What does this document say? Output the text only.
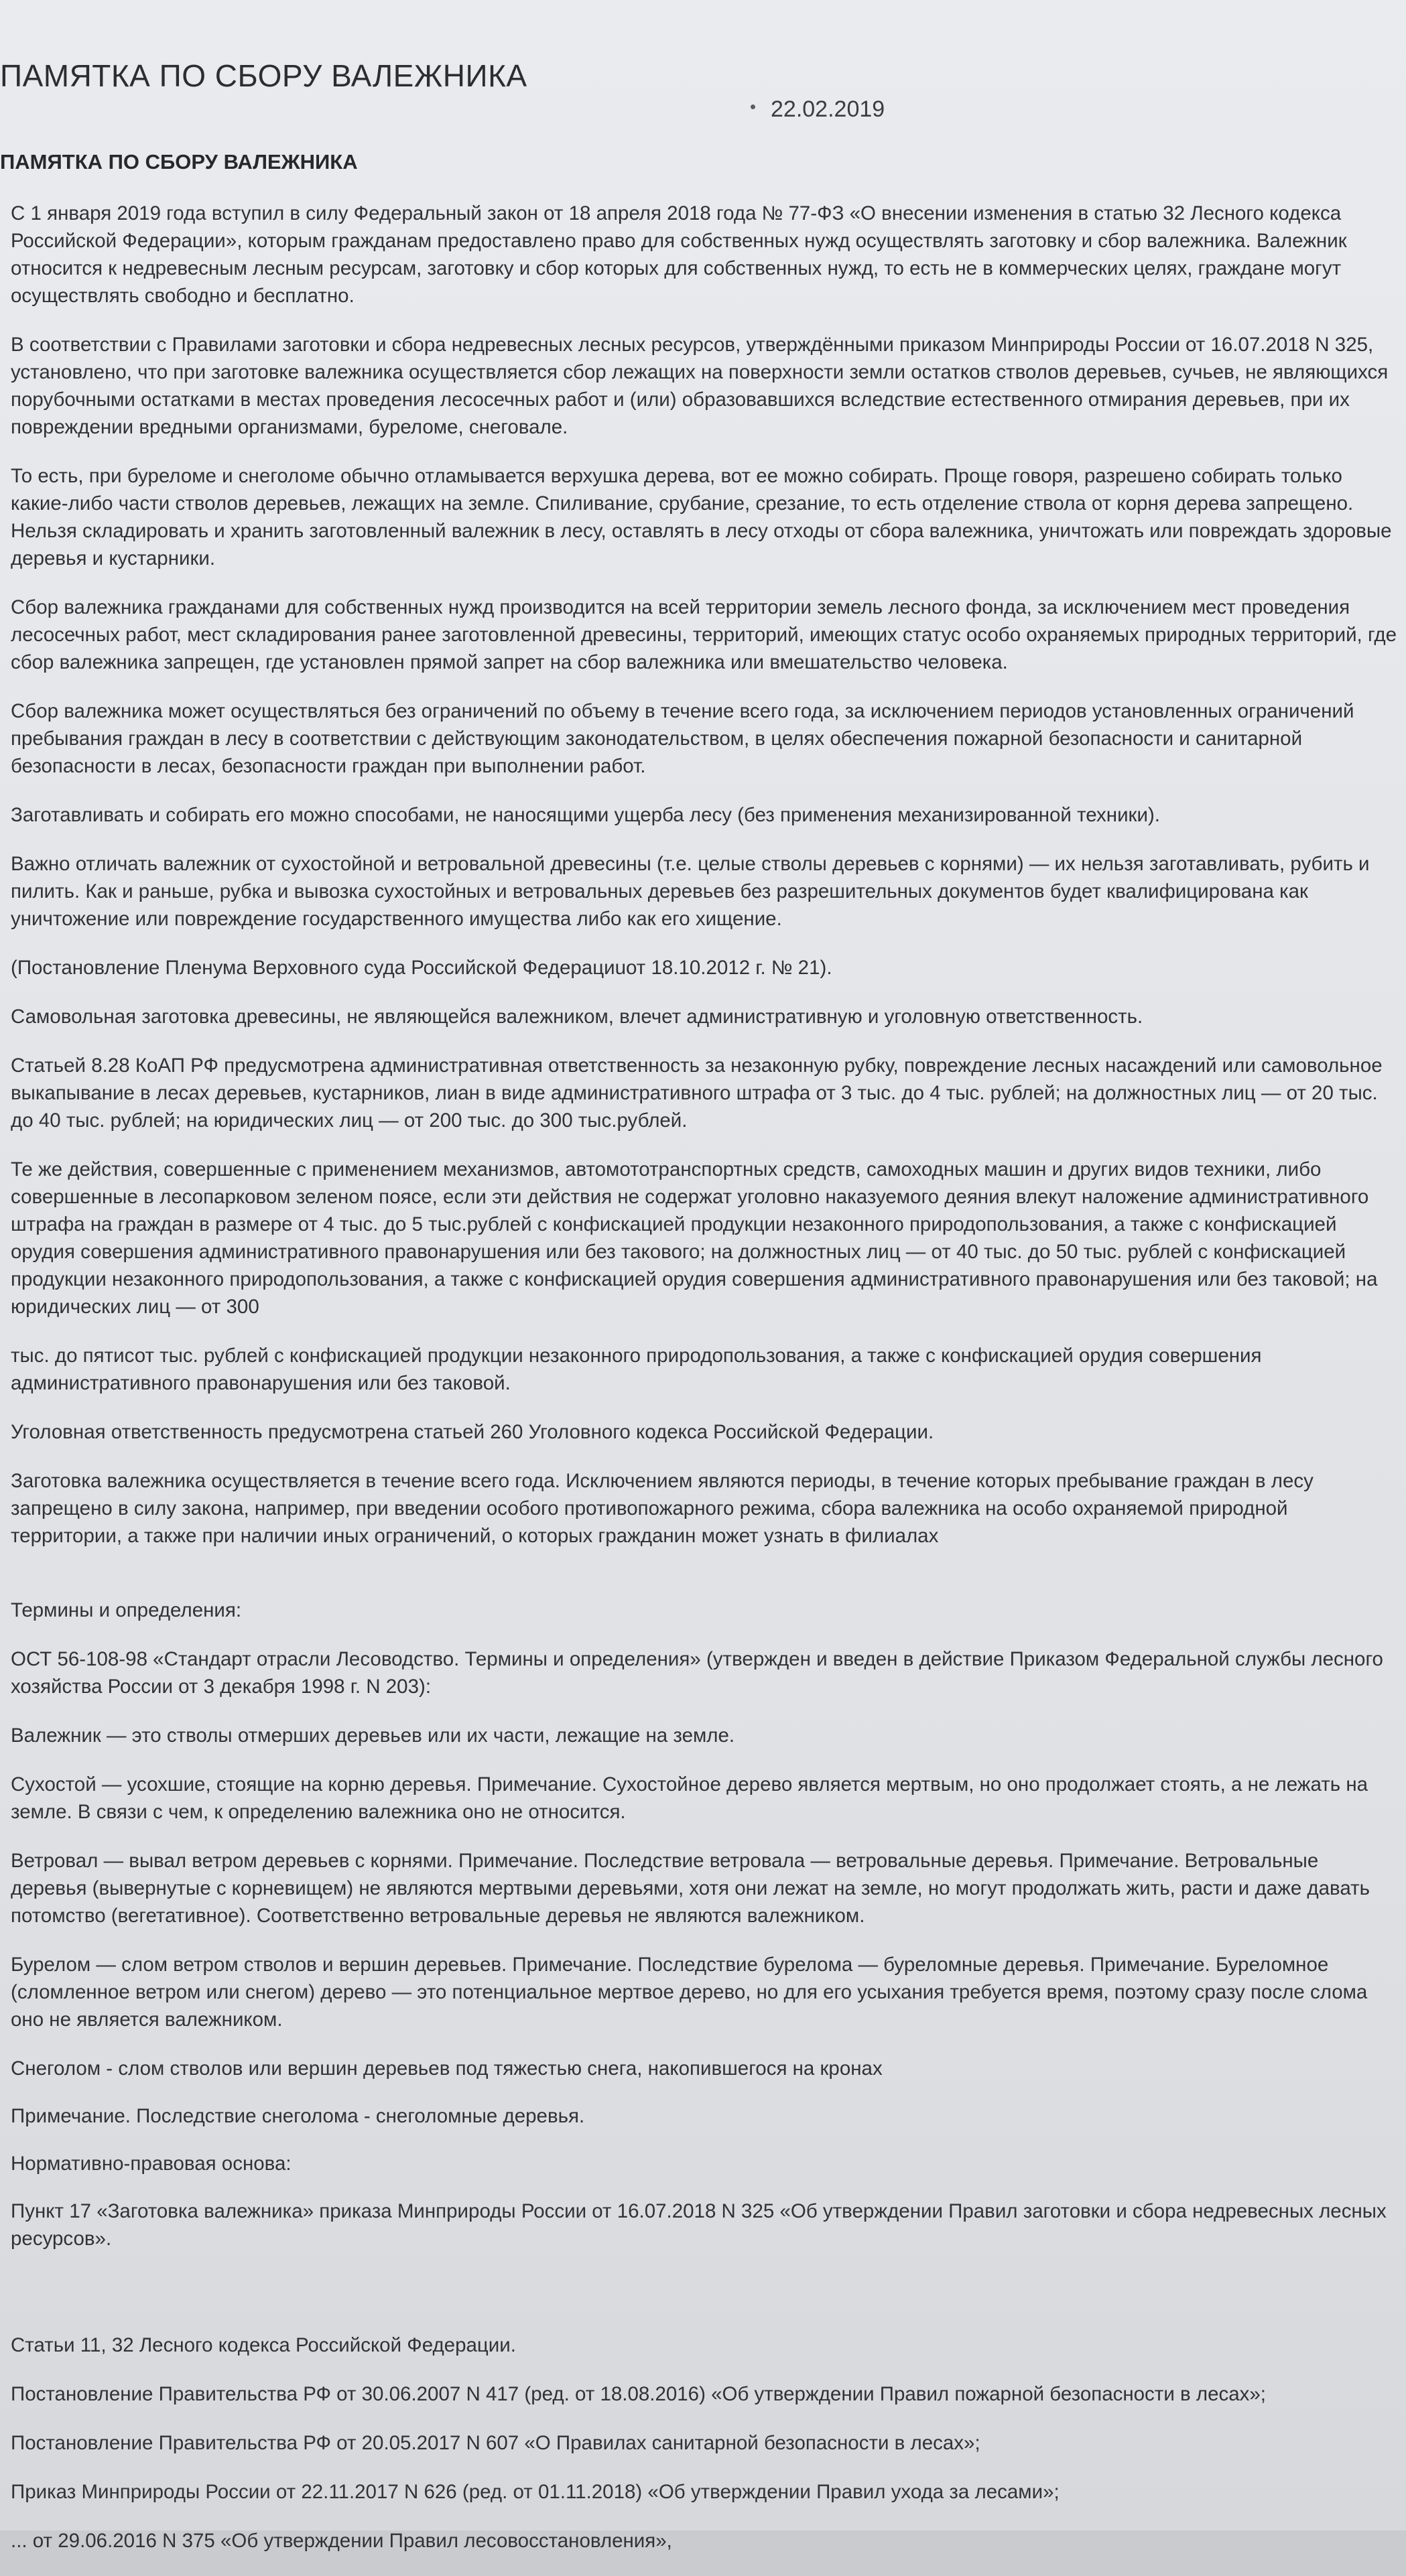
ПАМЯТКА ПО СБОРУ ВАЛЕЖНИКА
22.02.2019
ПАМЯТКА ПО СБОРУ ВАЛЕЖНИКА

С 1 января 2019 года вступил в силу Федеральный закон от 18 апреля 2018 года № 77-ФЗ «О внесении изменения в статью 32 Лесного кодекса Российской Федерации», которым гражданам предоставлено право для собственных нужд осуществлять заготовку и сбор валежника. Валежник относится к недревесным лесным ресурсам, заготовку и сбор которых для собственных нужд, то есть не в коммерческих целях, граждане могут осуществлять свободно и бесплатно.

В соответствии с Правилами заготовки и сбора недревесных лесных ресурсов, утверждёнными приказом Минприроды России от 16.07.2018 N 325, установлено, что при заготовке валежника осуществляется сбор лежащих на поверхности земли остатков стволов деревьев, сучьев, не являющихся порубочными остатками в местах проведения лесосечных работ и (или) образовавшихся вследствие естественного отмирания деревьев, при их повреждении вредными организмами, буреломе, снеговале.

То есть, при буреломе и снеголоме обычно отламывается верхушка дерева, вот ее можно собирать. Проще говоря, разрешено собирать только какие-либо части стволов деревьев, лежащих на земле. Спиливание, срубание, срезание, то есть отделение ствола от корня дерева запрещено. Нельзя складировать и хранить заготовленный валежник в лесу, оставлять в лесу отходы от сбора валежника, уничтожать или повреждать здоровые деревья и кустарники.

Сбор валежника гражданами для собственных нужд производится на всей территории земель лесного фонда, за исключением мест проведения лесосечных работ, мест складирования ранее заготовленной древесины, территорий, имеющих статус особо охраняемых природных территорий, где сбор валежника запрещен, где установлен прямой запрет на сбор валежника или вмешательство человека.

Сбор валежника может осуществляться без ограничений по объему в течение всего года, за исключением периодов установленных ограничений пребывания граждан в лесу в соответствии с действующим законодательством, в целях обеспечения пожарной безопасности и санитарной безопасности в лесах, безопасности граждан при выполнении работ.

Заготавливать и собирать его можно способами, не наносящими ущерба лесу (без применения механизированной техники).

Важно отличать валежник от сухостойной и ветровальной древесины (т.е. целые стволы деревьев с корнями) — их нельзя заготавливать, рубить и пилить. Как и раньше, рубка и вывозка сухостойных и ветровальных деревьев без разрешительных документов будет квалифицирована как уничтожение или повреждение государственного имущества либо как его хищение.

(Постановление Пленума Верховного суда Российской Федерациuот 18.10.2012 г. № 21).

Самовольная заготовка древесины, не являющейся валежником, влечет административную и уголовную ответственность.

Статьей 8.28 КоАП РФ предусмотрена административная ответственность за незаконную рубку, повреждение лесных насаждений или самовольное выкапывание в лесах деревьев, кустарников, лиан в виде административного штрафа от 3 тыс. до 4 тыс. рублей; на должностных лиц — от 20 тыс. до 40 тыс. рублей; на юридических лиц — от 200 тыс. до 300 тыс.рублей.

Те же действия, совершенные с применением механизмов, автомототранспортных средств, самоходных машин и других видов техники, либо совершенные в лесопарковом зеленом поясе, если эти действия не содержат уголовно наказуемого деяния влекут наложение административного штрафа на граждан в размере от 4 тыс. до 5 тыс.рублей с конфискацией продукции незаконного природопользования, а также с конфискацией орудия совершения административного правонарушения или без такового; на должностных лиц — от 40 тыс. до 50 тыс. рублей с конфискацией продукции незаконного природопользования, а также с конфискацией орудия совершения административного правонарушения или без таковой; на юридических лиц — от 300

тыс. до пятисот тыс. рублей с конфискацией продукции незаконного природопользования, а также с конфискацией орудия совершения административного правонарушения или без таковой.

Уголовная ответственность предусмотрена статьей 260 Уголовного кодекса Российской Федерации.

Заготовка валежника осуществляется в течение всего года. Исключением являются периоды, в течение которых пребывание граждан в лесу запрещено в силу закона, например, при введении особого противопожарного режима, сбора валежника на особо охраняемой природной территории, а также при наличии иных ограничений, о которых гражданин может узнать в филиалах

Термины и определения:

ОСТ 56-108-98 «Стандарт отрасли Лесоводство. Термины и определения» (утвержден и введен в действие Приказом Федеральной службы лесного хозяйства России от 3 декабря 1998 г. N 203):

Валежник — это стволы отмерших деревьев или их части, лежащие на земле.

Сухостой — усохшие, стоящие на корню деревья. Примечание. Сухостойное дерево является мертвым, но оно продолжает стоять, а не лежать на земле. В связи с чем, к определению валежника оно не относится.

Ветровал — вывал ветром деревьев с корнями. Примечание. Последствие ветровала — ветровальные деревья. Примечание. Ветровальные деревья (вывернутые с корневищем) не являются мертвыми деревьями, хотя они лежат на земле, но могут продолжать жить, расти и даже давать потомство (вегетативное). Соответственно ветровальные деревья не являются валежником.

Бурелом — слом ветром стволов и вершин деревьев. Примечание. Последствие бурелома — буреломные деревья. Примечание. Буреломное (сломленное ветром или снегом) дерево — это потенциальное мертвое дерево, но для его усыхания требуется время, поэтому сразу после слома оно не является валежником.

Снеголом - слом стволов или вершин деревьев под тяжестью снега, накопившегося на кронах

Примечание. Последствие снеголома - снеголомные деревья.

Нормативно-правовая основа:

Пункт 17 «Заготовка валежника» приказа Минприроды России от 16.07.2018 N 325 «Об утверждении Правил заготовки и сбора недревесных лесных ресурсов».

Статьи 11, 32 Лесного кодекса Российской Федерации.

Постановление Правительства РФ от 30.06.2007 N 417 (ред. от 18.08.2016) «Об утверждении Правил пожарной безопасности в лесах»;

Постановление Правительства РФ от 20.05.2017 N 607 «О Правилах санитарной безопасности в лесах»;

Приказ Минприроды России от 22.11.2017 N 626 (ред. от 01.11.2018) «Об утверждении Правил ухода за лесами»;

... от 29.06.2016 N 375 «Об утверждении Правил лесовосстановления»,
